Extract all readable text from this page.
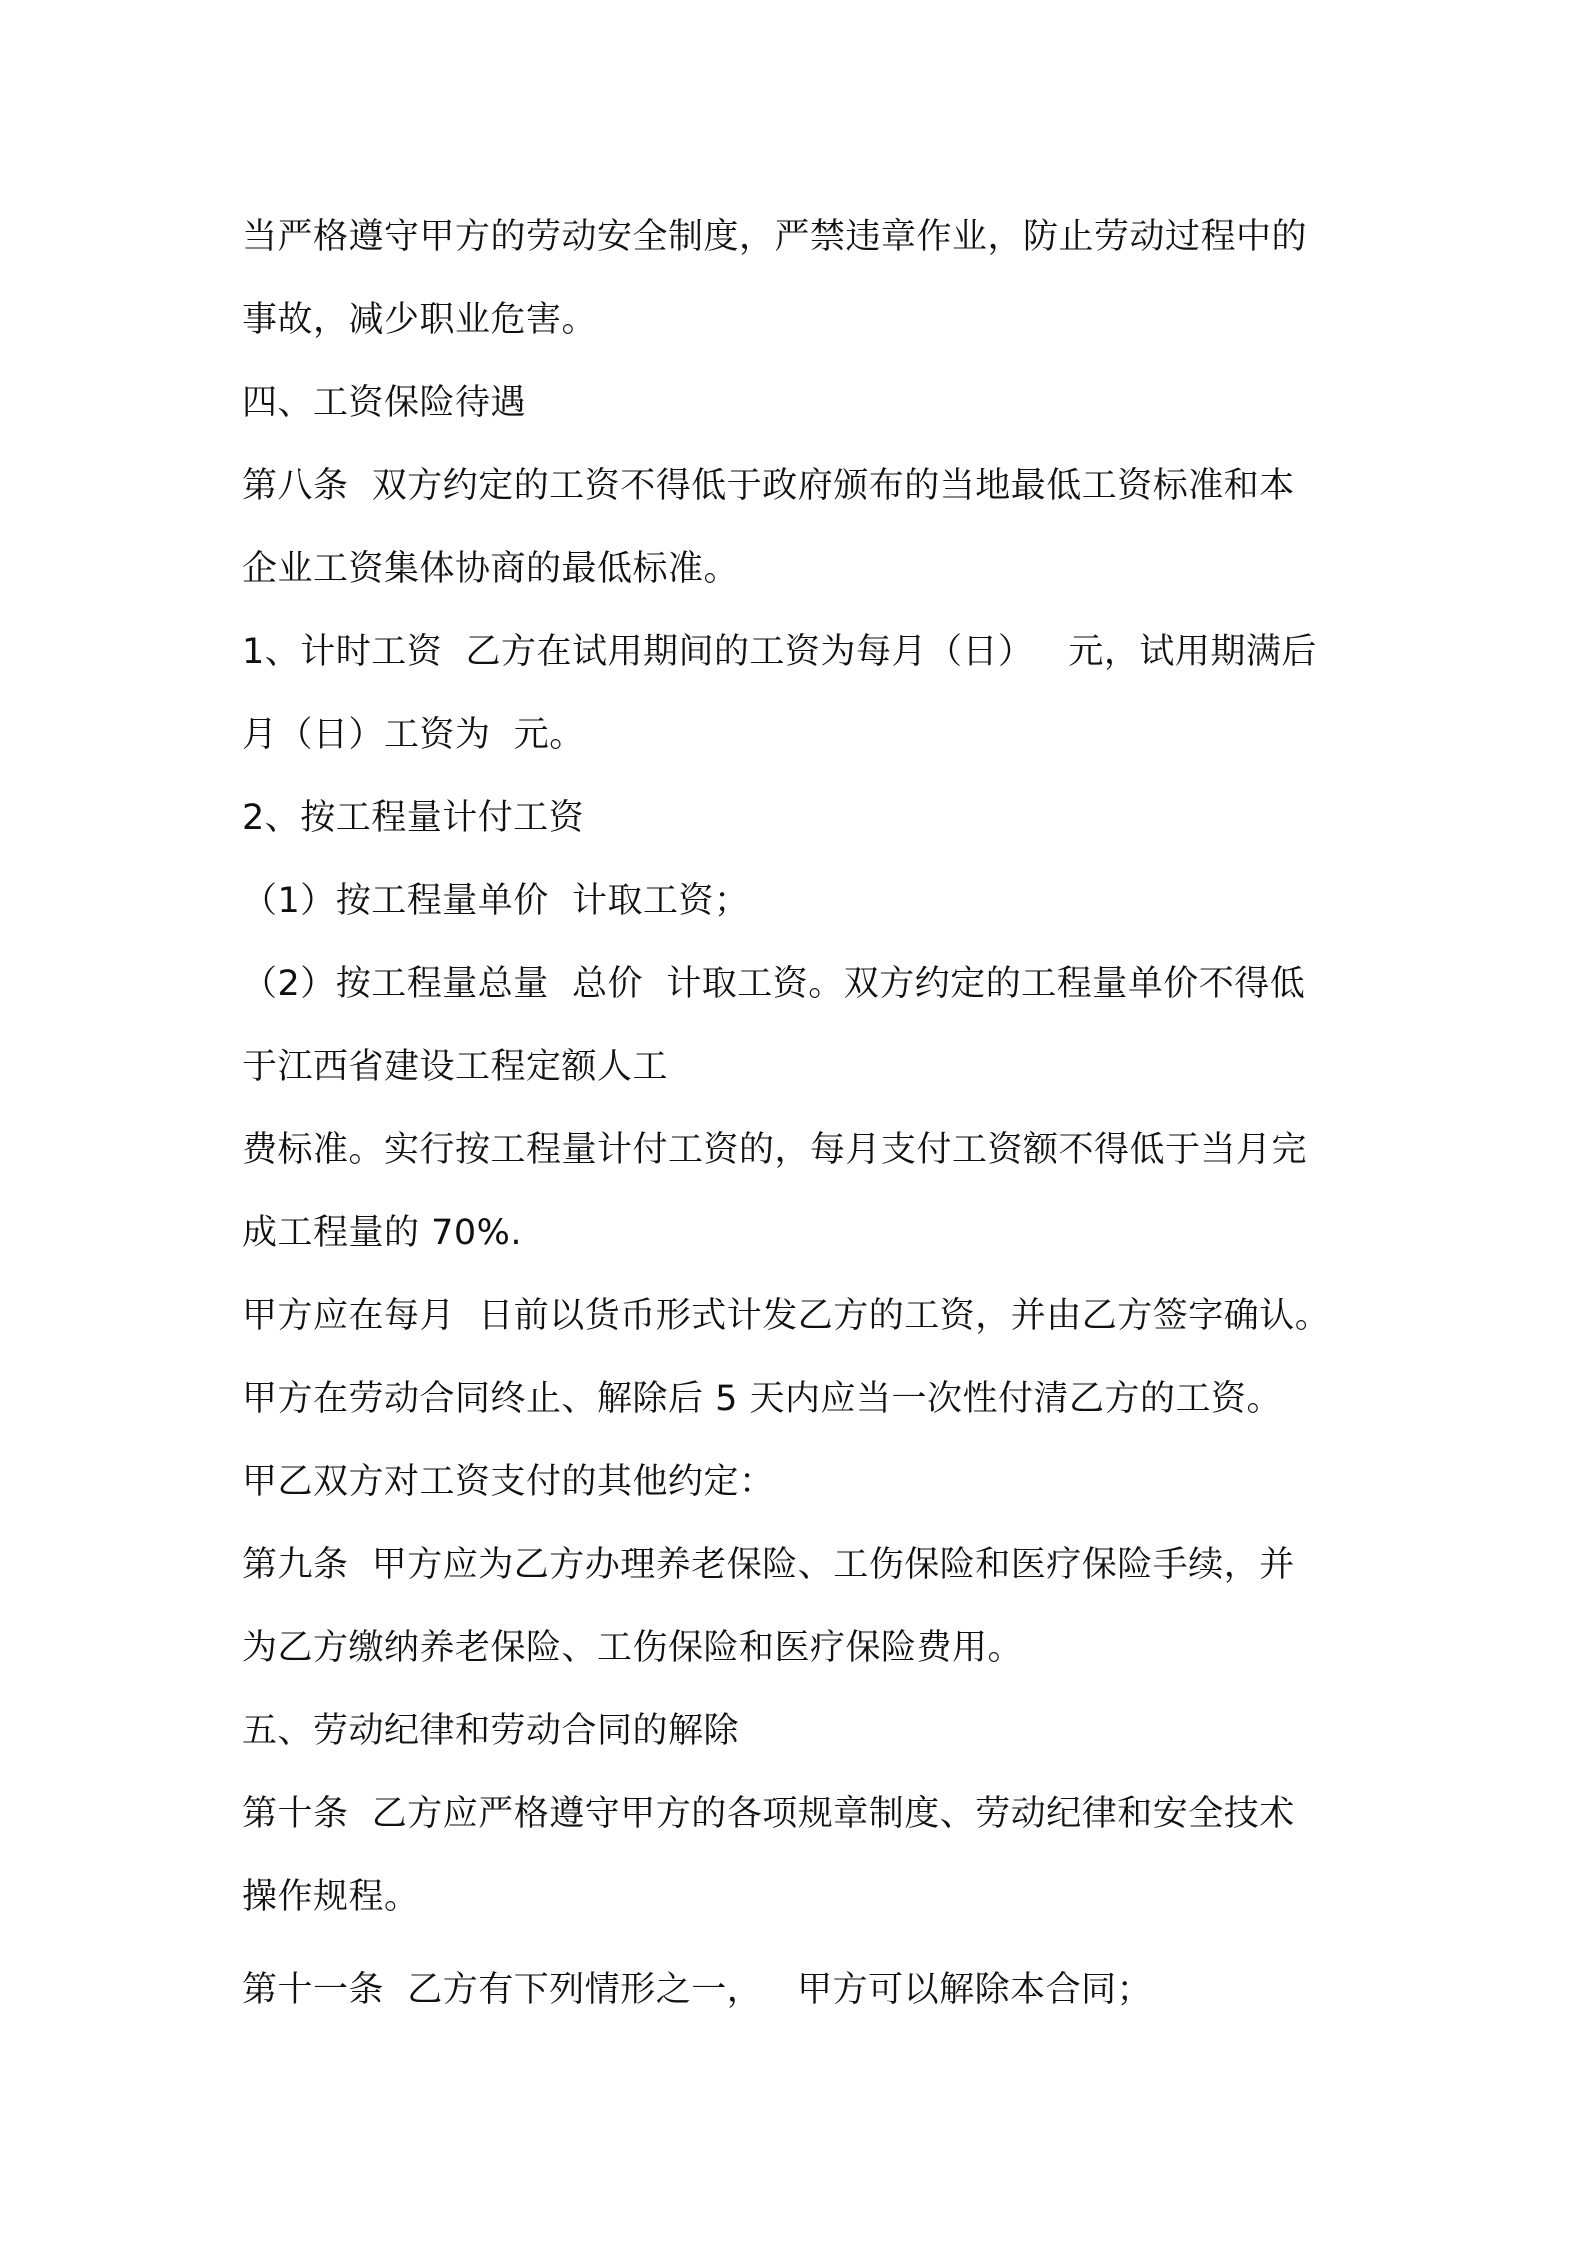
当严格遵守甲方的劳动安全制度，严禁违章作业，防止劳动过程中的
事故，减少职业危害。
四、工资保险待遇
第八条  双方约定的工资不得低于政府颁布的当地最低工资标准和本
企业工资集体协商的最低标准。
1、计时工资  乙方在试用期间的工资为每月（日）   元，试用期满后
月（日）工资为  元。
2、按工程量计付工资
（1）按工程量单价  计取工资；
（2）按工程量总量  总价  计取工资。双方约定的工程量单价不得低
于江西省建设工程定额人工
费标准。实行按工程量计付工资的，每月支付工资额不得低于当月完
成工程量的 70%.
甲方应在每月  日前以货币形式计发乙方的工资，并由乙方签字确认。
甲方在劳动合同终止、解除后 5 天内应当一次性付清乙方的工资。
甲乙双方对工资支付的其他约定：
第九条  甲方应为乙方办理养老保险、工伤保险和医疗保险手续，并
为乙方缴纳养老保险、工伤保险和医疗保险费用。
五、劳动纪律和劳动合同的解除
第十条  乙方应严格遵守甲方的各项规章制度、劳动纪律和安全技术
操作规程。
第十一条  乙方有下列情形之一，   甲方可以解除本合同；
